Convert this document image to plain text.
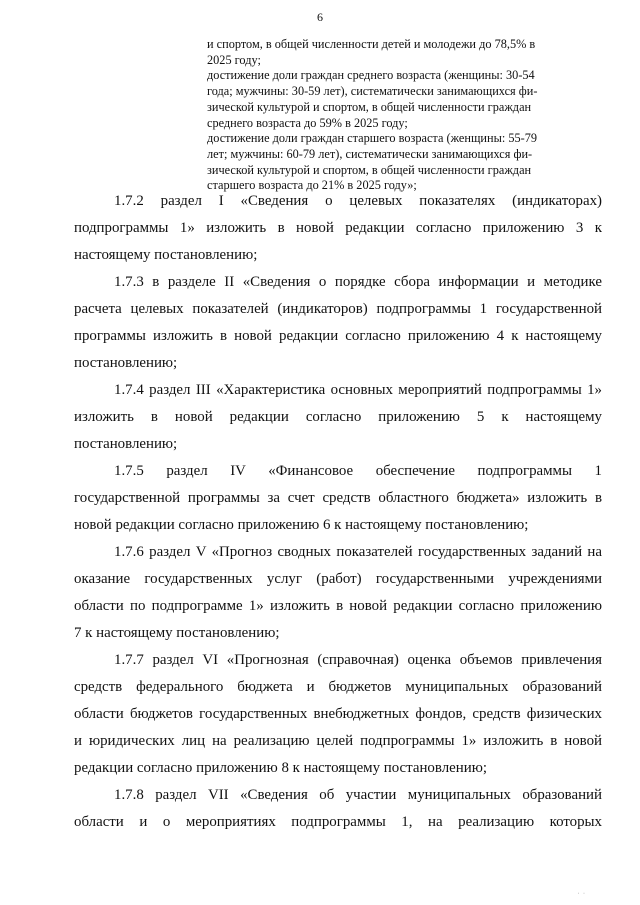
6
и спортом, в общей численности детей и молодежи до 78,5% в
2025 году;
достижение доли граждан среднего возраста (женщины: 30-54
года; мужчины: 30-59 лет), систематически занимающихся фи-
зической культурой и спортом, в общей численности граждан
среднего возраста до 59% в 2025 году;
достижение доли граждан старшего возраста (женщины: 55-79
лет; мужчины: 60-79 лет), систематически занимающихся фи-
зической культурой и спортом, в общей численности граждан
старшего возраста до 21% в 2025 году»;
1.7.2 раздел I «Сведения о целевых показателях (индикаторах)
подпрограммы 1» изложить в новой редакции согласно приложению 3 к
настоящему постановлению;
1.7.3 в разделе II «Сведения о порядке сбора информации и методике
расчета целевых показателей (индикаторов) подпрограммы 1 государственной
программы изложить в новой редакции согласно приложению 4 к настоящему
постановлению;
1.7.4 раздел III «Характеристика основных мероприятий подпрограммы 1»
изложить в новой редакции согласно приложению 5 к настоящему
постановлению;
1.7.5 раздел IV «Финансовое обеспечение подпрограммы 1
государственной программы за счет средств областного бюджета» изложить в
новой редакции согласно приложению 6 к настоящему постановлению;
1.7.6 раздел V «Прогноз сводных показателей государственных заданий на
оказание государственных услуг (работ) государственными учреждениями
области по подпрограмме 1» изложить в новой редакции согласно приложению
7 к настоящему постановлению;
1.7.7 раздел VI «Прогнозная (справочная) оценка объемов привлечения
средств федерального бюджета и бюджетов муниципальных образований
области бюджетов государственных внебюджетных фондов, средств физических
и юридических лиц на реализацию целей подпрограммы 1» изложить в новой
редакции согласно приложению 8 к настоящему постановлению;
1.7.8 раздел VII «Сведения об участии муниципальных образований
области и о мероприятиях подпрограммы 1, на реализацию которых
· ·
